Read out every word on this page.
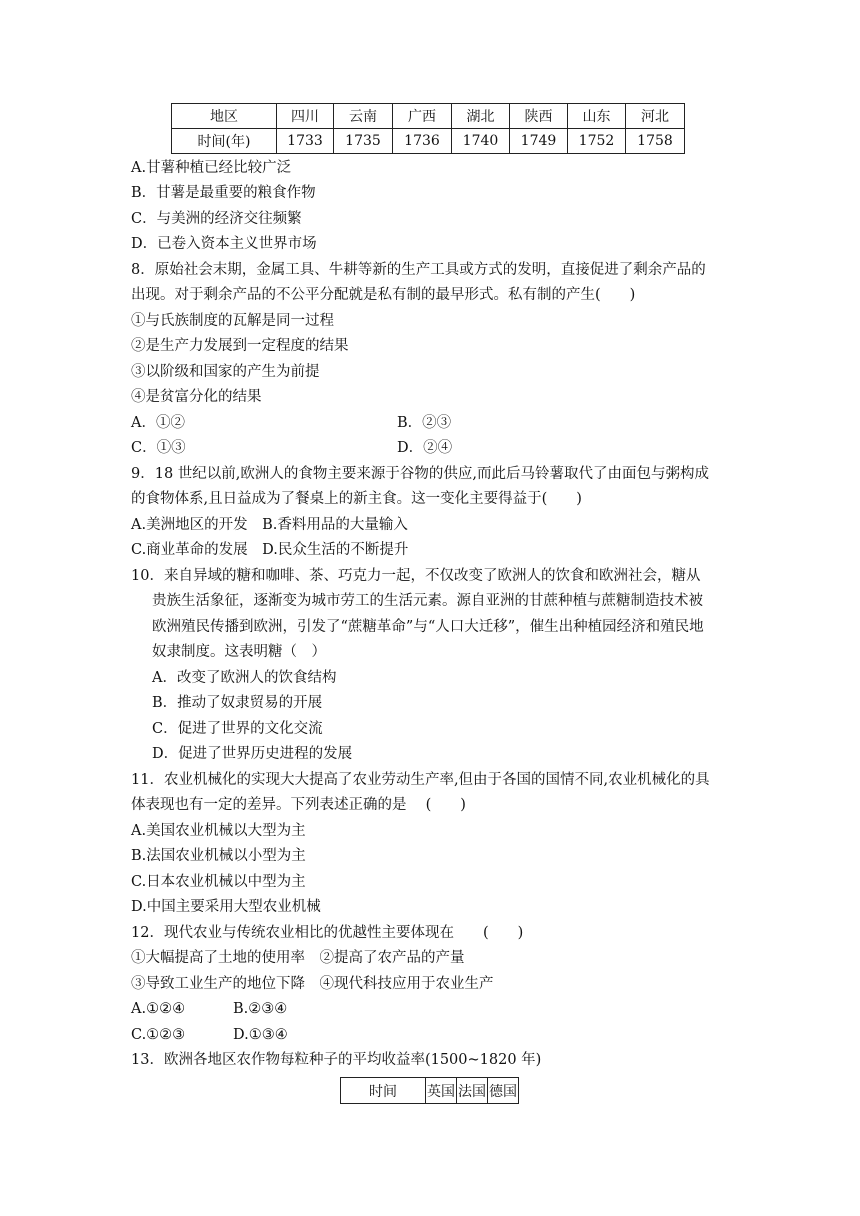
地区	四川	云南	广西	湖北	陕西	山东	河北
时间(年)	1733	1735	1736	1740	1749	1752	1758
A.甘薯种植已经比较广泛
B．甘薯是最重要的粮食作物
C．与美洲的经济交往频繁
D．已卷入资本主义世界市场
8．原始社会末期，金属工具、牛耕等新的生产工具或方式的发明，直接促进了剩余产品的
出现。对于剩余产品的不公平分配就是私有制的最早形式。私有制的产生(　　)
①与氏族制度的瓦解是同一过程
②是生产力发展到一定程度的结果
③以阶级和国家的产生为前提
④是贫富分化的结果
A．①②	B．②③
C．①③	D．②④
9．18 世纪以前,欧洲人的食物主要来源于谷物的供应,而此后马铃薯取代了由面包与粥构成
的食物体系,且日益成为了餐桌上的新主食。这一变化主要得益于(　　)
A.美洲地区的开发　B.香料用品的大量输入
C.商业革命的发展　D.民众生活的不断提升
10．来自异域的糖和咖啡、茶、巧克力一起，不仅改变了欧洲人的饮食和欧洲社会，糖从
贵族生活象征，逐渐变为城市劳工的生活元素。源自亚洲的甘蔗种植与蔗糖制造技术被
欧洲殖民传播到欧洲，引发了“蔗糖革命”与“人口大迁移”，催生出种植园经济和殖民地
奴隶制度。这表明糖（　）
A．改变了欧洲人的饮食结构
B．推动了奴隶贸易的开展
C．促进了世界的文化交流
D．促进了世界历史进程的发展
11．农业机械化的实现大大提高了农业劳动生产率,但由于各国的国情不同,农业机械化的具
体表现也有一定的差异。下列表述正确的是　 (　　)
A.美国农业机械以大型为主
B.法国农业机械以小型为主
C.日本农业机械以中型为主
D.中国主要采用大型农业机械
12．现代农业与传统农业相比的优越性主要体现在　　(　　)
①大幅提高了土地的使用率　②提高了农产品的产量
③导致工业生产的地位下降　④现代科技应用于农业生产
A.①②④	B.②③④
C.①②③	D.①③④
13．欧洲各地区农作物每粒种子的平均收益率(1500~1820 年)
时间	英国	法国	德国
